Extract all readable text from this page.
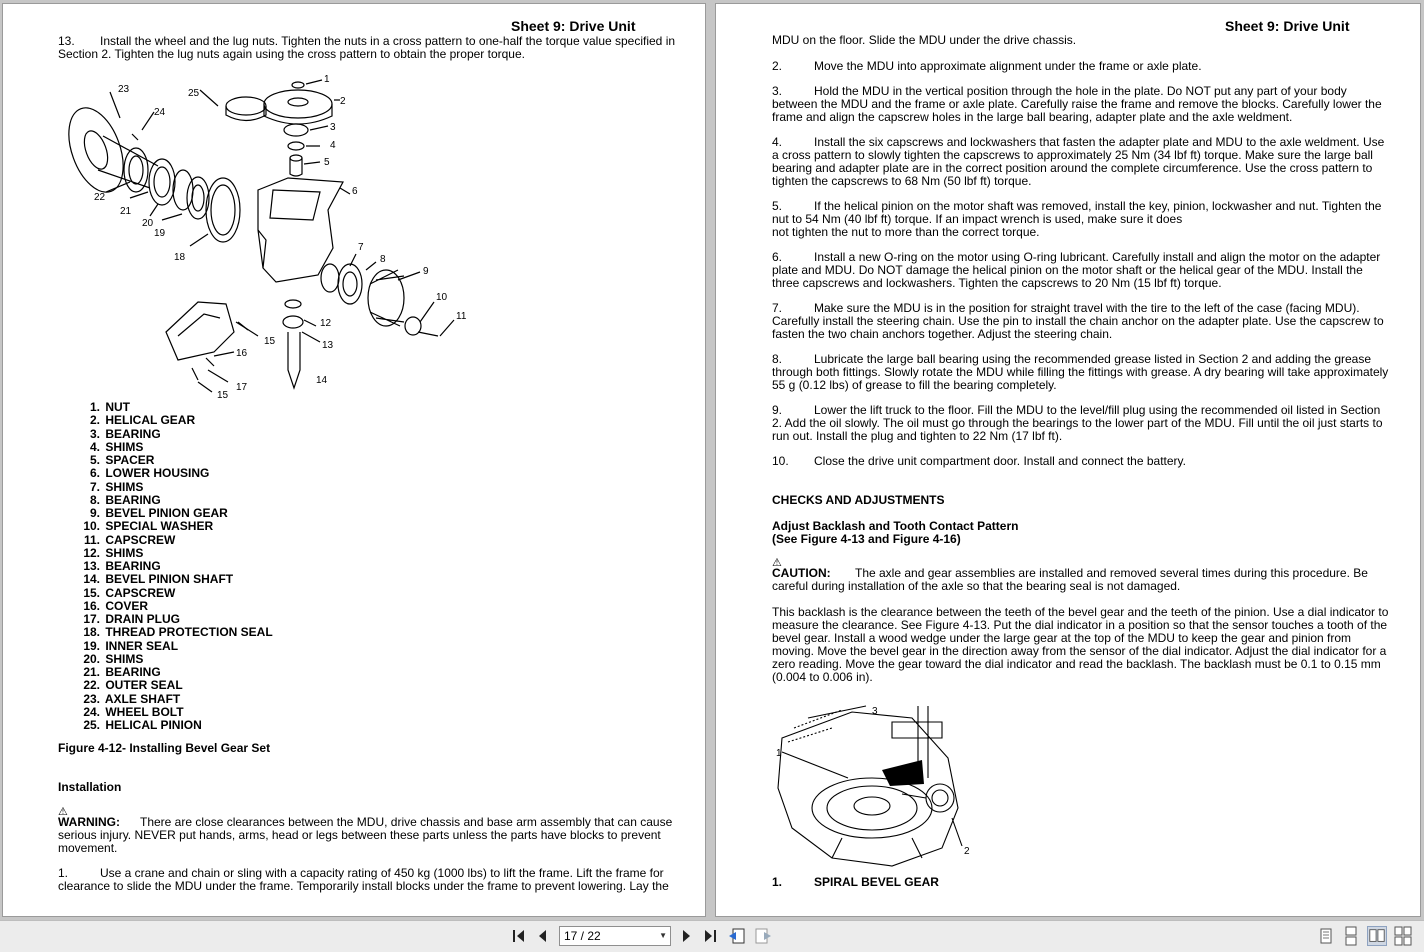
Sheet 9: Drive Unit
13. Install the wheel and the lug nuts. Tighten the nuts in a cross pattern to one-half the torque value specified in
Section 2. Tighten the lug nuts again using the cross pattern to obtain the proper torque.
1
2
3
4
5
6
7
8
9
10
11
12
13
14
15
16
17
15
18
19
20
21
22
23
24
25
1. NUT
2. HELICAL GEAR
3. BEARING
4. SHIMS
5. SPACER
6. LOWER HOUSING
7. SHIMS
8. BEARING
9. BEVEL PINION GEAR
10. SPECIAL WASHER
11. CAPSCREW
12. SHIMS
13. BEARING
14. BEVEL PINION SHAFT
15. CAPSCREW
16. COVER
17. DRAIN PLUG
18. THREAD PROTECTION SEAL
19. INNER SEAL
20. SHIMS
21. BEARING
22. OUTER SEAL
23. AXLE SHAFT
24. WHEEL BOLT
25. HELICAL PINION
Figure 4-12- Installing Bevel Gear Set
Installation
⚠
WARNING: There are close clearances between the MDU, drive chassis and base arm assembly that can cause
serious injury. NEVER put hands, arms, head or legs between these parts unless the parts have blocks to prevent
movement.
1.	Use a crane and chain or sling with a capacity rating of 450 kg (1000 lbs) to lift the frame. Lift the frame for
clearance to slide the MDU under the frame. Temporarily install blocks under the frame to prevent lowering. Lay the
Sheet 9: Drive Unit
MDU on the floor. Slide the MDU under the drive chassis.
2.	Move the MDU into approximate alignment under the frame or axle plate.
3.	Hold the MDU in the vertical position through the hole in the plate. Do NOT put any part of your body
between the MDU and the frame or axle plate. Carefully raise the frame and remove the blocks. Carefully lower the
frame and align the capscrew holes in the large ball bearing, adapter plate and the axle weldment.
4.	Install the six capscrews and lockwashers that fasten the adapter plate and MDU to the axle weldment. Use
a cross pattern to slowly tighten the capscrews to approximately 25 Nm (34 lbf ft) torque. Make sure the large ball
bearing and adapter plate are in the correct position around the complete circumference. Use the cross pattern to
tighten the capscrews to 68 Nm (50 lbf ft) torque.
5.	If the helical pinion on the motor shaft was removed, install the key, pinion, lockwasher and nut. Tighten the
nut to 54 Nm (40 lbf ft) torque. If an impact wrench is used, make sure it does
not tighten the nut to more than the correct torque.
6.	Install a new O-ring on the motor using O-ring lubricant. Carefully install and align the motor on the adapter
plate and MDU. Do NOT damage the helical pinion on the motor shaft or the helical gear of the MDU. Install the
three capscrews and lockwashers. Tighten the capscrews to 20 Nm (15 lbf ft) torque.
7.	Make sure the MDU is in the position for straight travel with the tire to the left of the case (facing MDU).
Carefully install the steering chain. Use the pin to install the chain anchor on the adapter plate. Use the capscrew to
fasten the two chain anchors together. Adjust the steering chain.
8.	Lubricate the large ball bearing using the recommended grease listed in Section 2 and adding the grease
through both fittings. Slowly rotate the MDU while filling the fittings with grease. A dry bearing will take approximately
55 g (0.12 lbs) of grease to fill the bearing completely.
9.	Lower the lift truck to the floor. Fill the MDU to the level/fill plug using the recommended oil listed in Section
2. Add the oil slowly. The oil must go through the bearings to the lower part of the MDU. Fill until the oil just starts to
run out. Install the plug and tighten to 22 Nm (17 lbf ft).
10. Close the drive unit compartment door. Install and connect the battery.
CHECKS AND ADJUSTMENTS
Adjust Backlash and Tooth Contact Pattern
(See Figure 4-13 and Figure 4-16)
⚠
CAUTION: The axle and gear assemblies are installed and removed several times during this procedure. Be
careful during installation of the axle so that the bearing seal is not damaged.
This backlash is the clearance between the teeth of the bevel gear and the teeth of the pinion. Use a dial indicator to
measure the clearance. See Figure 4-13. Put the dial indicator in a position so that the sensor touches a tooth of the
bevel gear. Install a wood wedge under the large gear at the top of the MDU to keep the gear and pinion from
moving. Move the bevel gear in the direction away from the sensor of the dial indicator. Adjust the dial indicator for a
zero reading. Move the gear toward the dial indicator and read the backlash. The backlash must be 0.1 to 0.15 mm
(0.004 to 0.006 in).
3
1
2
1.	SPIRAL BEVEL GEAR
17 / 22	▼
